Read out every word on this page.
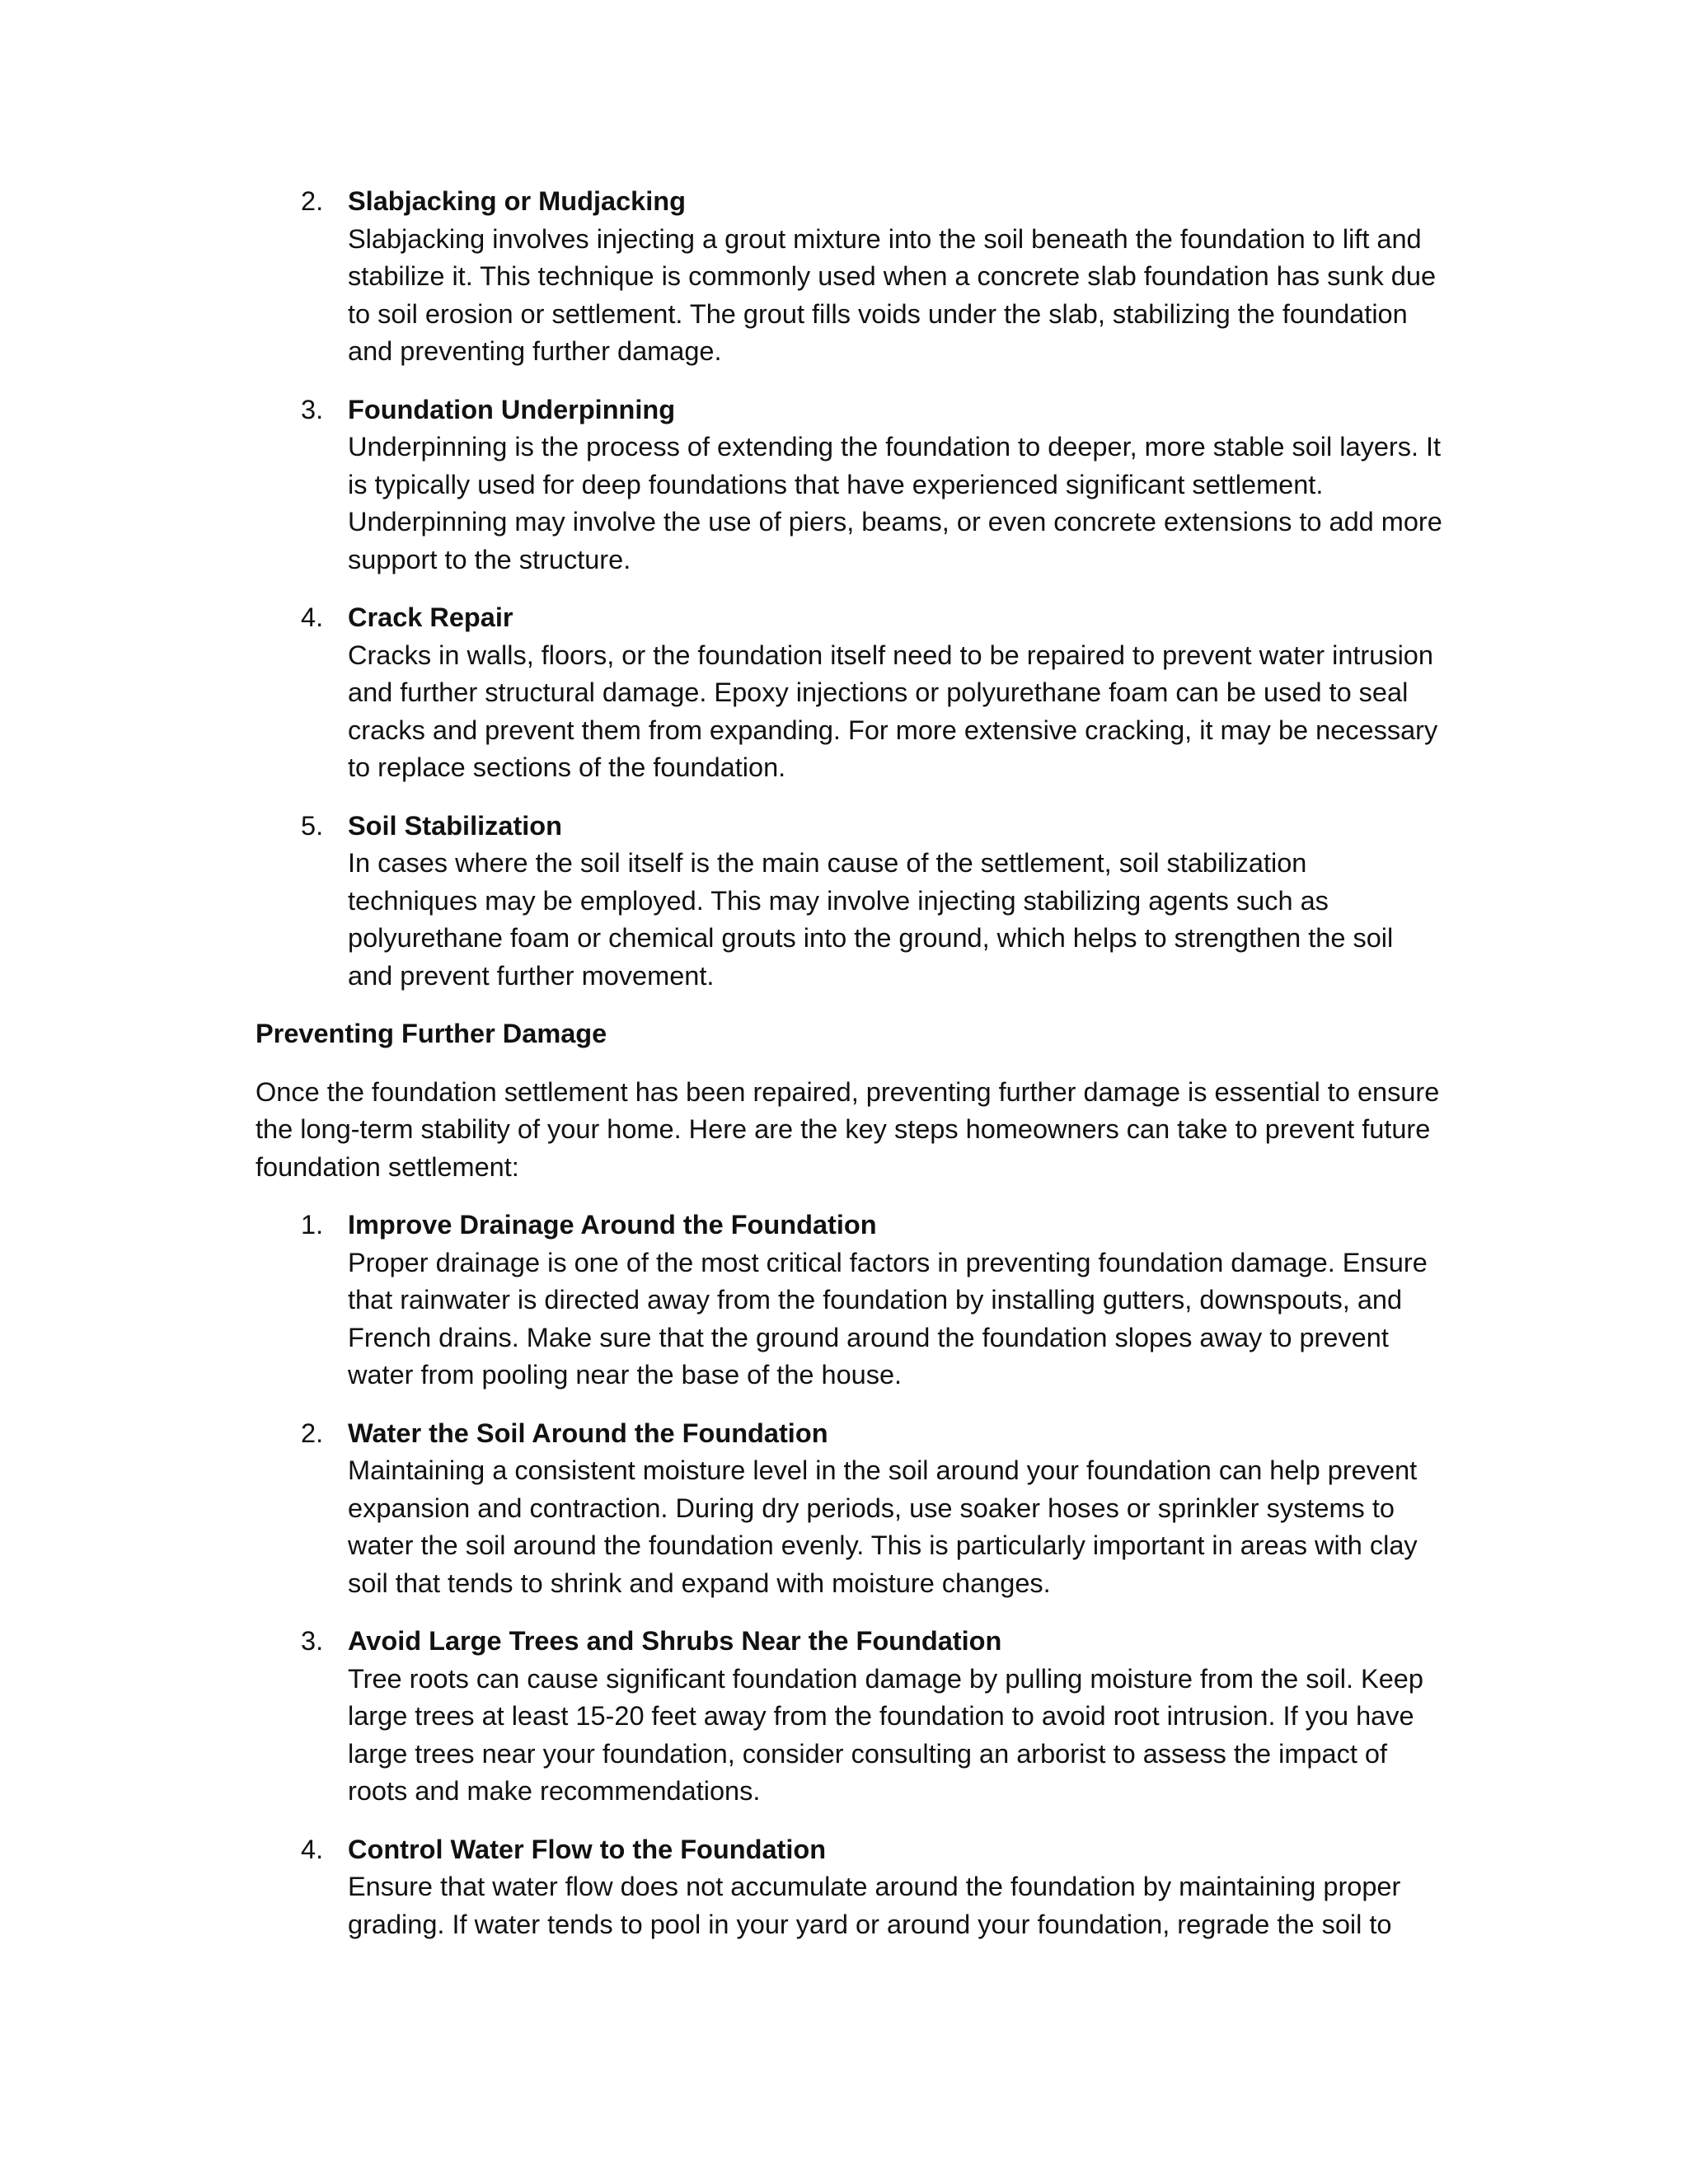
2. Slabjacking or Mudjacking
Slabjacking involves injecting a grout mixture into the soil beneath the foundation to lift and stabilize it. This technique is commonly used when a concrete slab foundation has sunk due to soil erosion or settlement. The grout fills voids under the slab, stabilizing the foundation and preventing further damage.
3. Foundation Underpinning
Underpinning is the process of extending the foundation to deeper, more stable soil layers. It is typically used for deep foundations that have experienced significant settlement. Underpinning may involve the use of piers, beams, or even concrete extensions to add more support to the structure.
4. Crack Repair
Cracks in walls, floors, or the foundation itself need to be repaired to prevent water intrusion and further structural damage. Epoxy injections or polyurethane foam can be used to seal cracks and prevent them from expanding. For more extensive cracking, it may be necessary to replace sections of the foundation.
5. Soil Stabilization
In cases where the soil itself is the main cause of the settlement, soil stabilization techniques may be employed. This may involve injecting stabilizing agents such as polyurethane foam or chemical grouts into the ground, which helps to strengthen the soil and prevent further movement.
Preventing Further Damage
Once the foundation settlement has been repaired, preventing further damage is essential to ensure the long-term stability of your home. Here are the key steps homeowners can take to prevent future foundation settlement:
1. Improve Drainage Around the Foundation
Proper drainage is one of the most critical factors in preventing foundation damage. Ensure that rainwater is directed away from the foundation by installing gutters, downspouts, and French drains. Make sure that the ground around the foundation slopes away to prevent water from pooling near the base of the house.
2. Water the Soil Around the Foundation
Maintaining a consistent moisture level in the soil around your foundation can help prevent expansion and contraction. During dry periods, use soaker hoses or sprinkler systems to water the soil around the foundation evenly. This is particularly important in areas with clay soil that tends to shrink and expand with moisture changes.
3. Avoid Large Trees and Shrubs Near the Foundation
Tree roots can cause significant foundation damage by pulling moisture from the soil. Keep large trees at least 15-20 feet away from the foundation to avoid root intrusion. If you have large trees near your foundation, consider consulting an arborist to assess the impact of roots and make recommendations.
4. Control Water Flow to the Foundation
Ensure that water flow does not accumulate around the foundation by maintaining proper grading. If water tends to pool in your yard or around your foundation, regrade the soil to
